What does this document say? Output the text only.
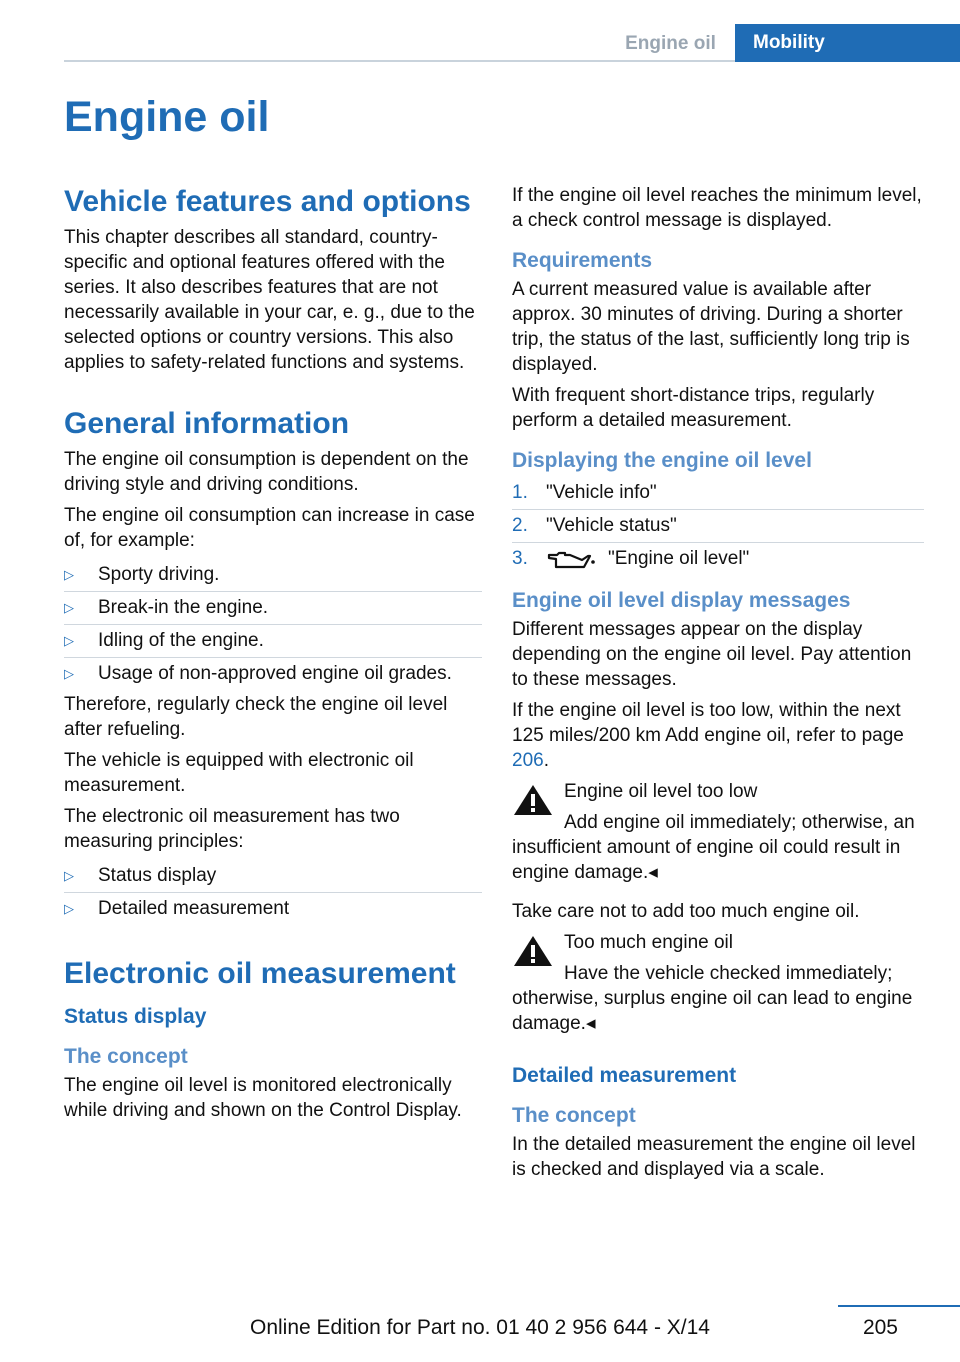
Engine oil	Mobility
Engine oil
Vehicle features and options

This chapter describes all standard, country-specific and optional features offered with the series. It also describes features that are not necessarily available in your car, e. g., due to the selected options or country versions. This also applies to safety-related functions and systems.

General information

The engine oil consumption is dependent on the driving style and driving conditions.

The engine oil consumption can increase in case of, for example:

▷	Sporty driving.
▷	Break-in the engine.
▷	Idling of the engine.
▷	Usage of non-approved engine oil grades.

Therefore, regularly check the engine oil level after refueling.

The vehicle is equipped with electronic oil measurement.

The electronic oil measurement has two measuring principles:

▷	Status display
▷	Detailed measurement
Electronic oil measurement
Status display
The concept

The engine oil level is monitored electronically while driving and shown on the Control Display.

If the engine oil level reaches the minimum level, a check control message is displayed.

Requirements

A current measured value is available after approx. 30 minutes of driving. During a shorter trip, the status of the last, sufficiently long trip is displayed.

With frequent short-distance trips, regularly perform a detailed measurement.

Displaying the engine oil level
1. "Vehicle info"
2. "Vehicle status"
3.	"Engine oil level"
Engine oil level display messages

Different messages appear on the display depending on the engine oil level. Pay attention to these messages.

If the engine oil level is too low, within the next 125 miles/200 km Add engine oil, refer to page 206.

Engine oil level too low

Add engine oil immediately; otherwise, an insufficient amount of engine oil could result in engine damage.◂

Take care not to add too much engine oil.

Too much engine oil

Have the vehicle checked immediately; otherwise, surplus engine oil can lead to engine damage.◂

Detailed measurement
The concept

In the detailed measurement the engine oil level is checked and displayed via a scale.

Online Edition for Part no. 01 40 2 956 644 - X/14	205
